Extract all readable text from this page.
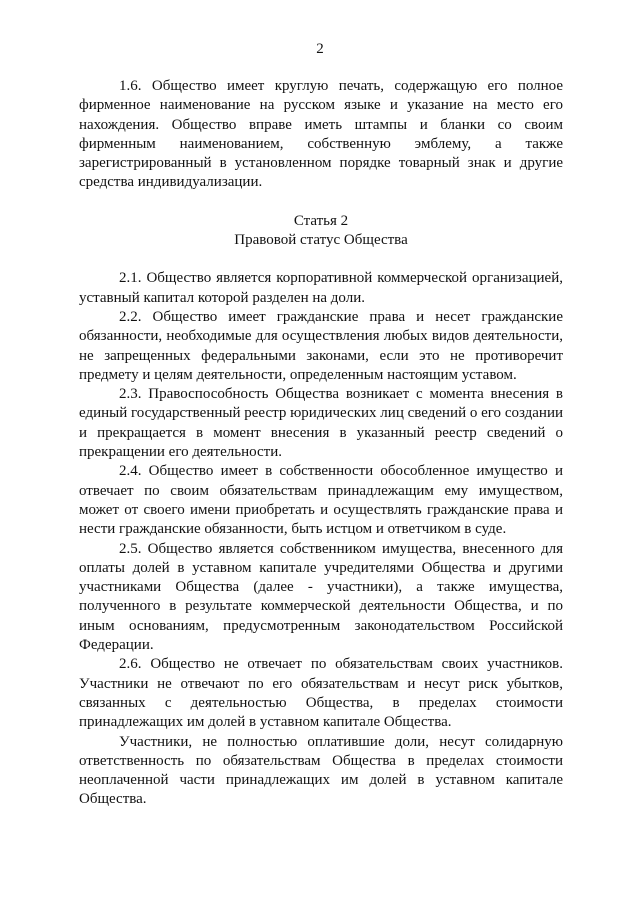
2

1.6. Общество имеет круглую печать, содержащую его полное фирменное наименование на русском языке и указание на место его нахождения. Общество вправе иметь штампы и бланки со своим фирменным наименованием, собственную эмблему, а также зарегистрированный в установленном порядке товарный знак и другие средства индивидуализации.

Статья 2

Правовой статус Общества

2.1. Общество является корпоративной коммерческой организацией, уставный капитал которой разделен на доли.

2.2. Общество имеет гражданские права и несет гражданские обязанности, необходимые для осуществления любых видов деятельности, не запрещенных федеральными законами, если это не противоречит предмету и целям деятельности, определенным настоящим уставом.

2.3. Правоспособность Общества возникает с момента внесения в единый государственный реестр юридических лиц сведений о его создании и прекращается в момент внесения в указанный реестр сведений о прекращении его деятельности.

2.4. Общество имеет в собственности обособленное имущество и отвечает по своим обязательствам принадлежащим ему имуществом, может от своего имени приобретать и осуществлять гражданские права и нести гражданские обязанности, быть истцом и ответчиком в суде.

2.5. Общество является собственником имущества, внесенного для оплаты долей в уставном капитале учредителями Общества и другими участниками Общества (далее - участники), а также имущества, полученного в результате коммерческой деятельности Общества, и по иным основаниям, предусмотренным законодательством Российской Федерации.

2.6. Общество не отвечает по обязательствам своих участников. Участники не отвечают по его обязательствам и несут риск убытков, связанных с деятельностью Общества, в пределах стоимости принадлежащих им долей в уставном капитале Общества.

Участники, не полностью оплатившие доли, несут солидарную ответственность по обязательствам Общества в пределах стоимости неоплаченной части принадлежащих им долей в уставном капитале Общества.
